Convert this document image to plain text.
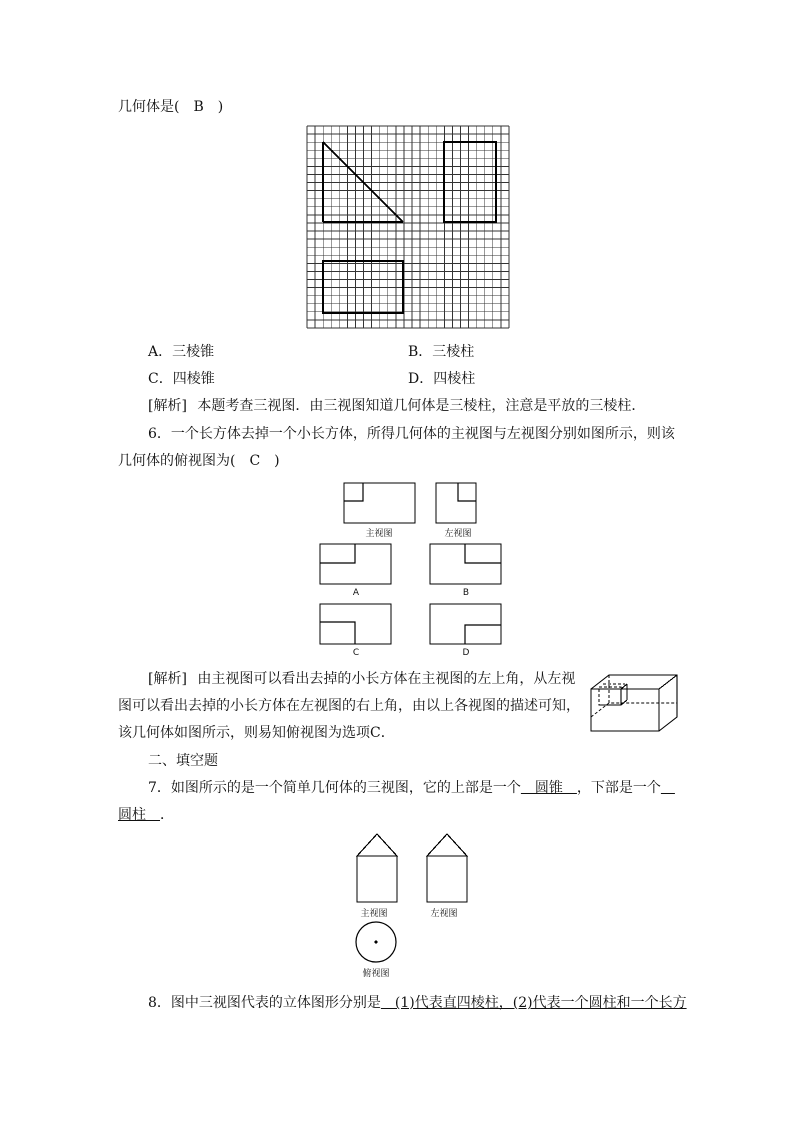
几何体是(　B　)
A．三棱锥	B．三棱柱
C．四棱锥	D．四棱柱
[解析] 本题考查三视图．由三视图知道几何体是三棱柱，注意是平放的三棱柱．
6．一个长方体去掉一个小长方体，所得几何体的主视图与左视图分别如图所示，则该
几何体的俯视图为(　C　)
主视图	左视图
A	B
C	D
[解析] 由主视图可以看出去掉的小长方体在主视图的左上角，从左视
图可以看出去掉的小长方体在左视图的右上角，由以上各视图的描述可知，
该几何体如图所示，则易知俯视图为选项C．
二、填空题
7．如图所示的是一个简单几何体的三视图，它的上部是一个　圆锥　，下部是一个　
圆柱　．
主视图	左视图
俯视图
8．图中三视图代表的立体图形分别是　(1)代表直四棱柱，(2)代表一个圆柱和一个长方
